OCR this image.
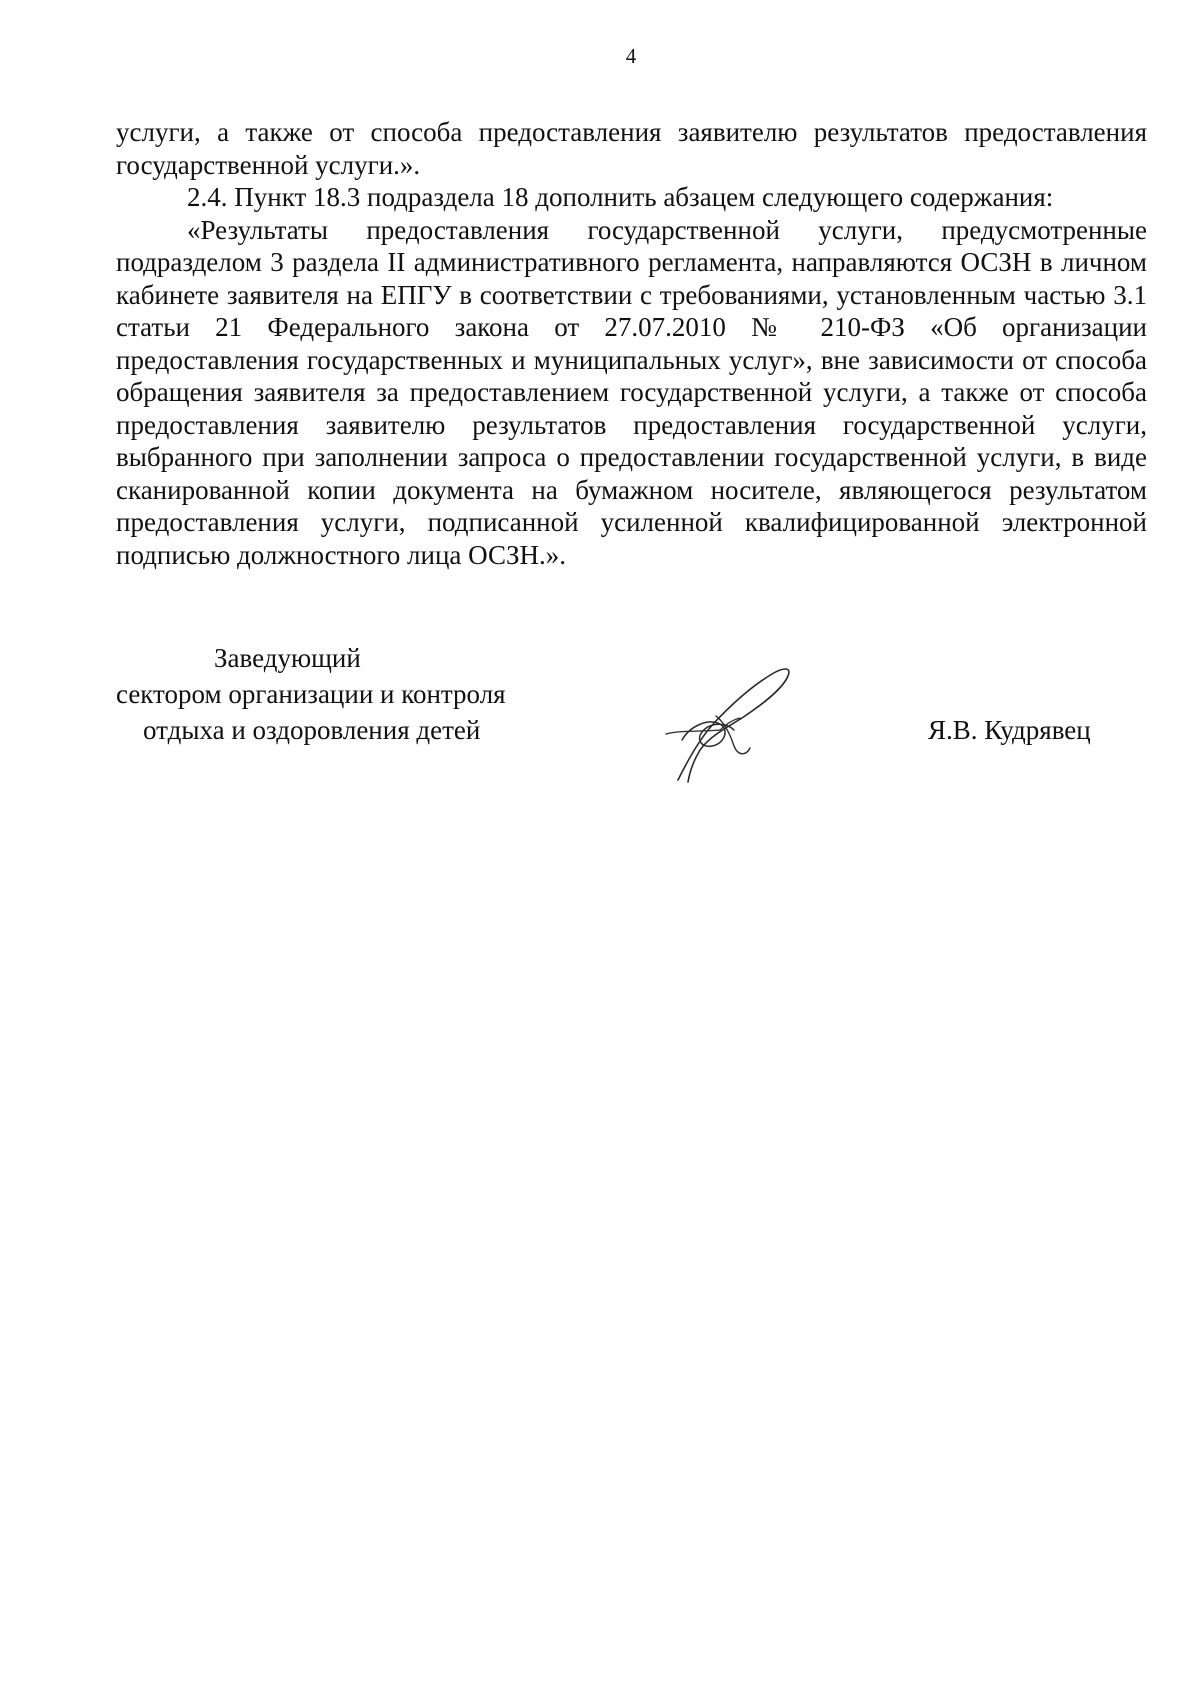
4

услуги, а также от способа предоставления заявителю результатов предоставления государственной услуги.».

2.4. Пункт 18.3 подраздела 18 дополнить абзацем следующего содержания:

«Результаты предоставления государственной услуги, предусмотренные подразделом 3 раздела II административного регламента, направляются ОСЗН в личном кабинете заявителя на ЕПГУ в соответствии с требованиями, установленным частью 3.1 статьи 21 Федерального закона от 27.07.2010 № 210-ФЗ «Об организации предоставления государственных и муниципальных услуг», вне зависимости от способа обращения заявителя за предоставлением государственной услуги, а также от способа предоставления заявителю результатов предоставления государственной услуги, выбранного при заполнении запроса о предоставлении государственной услуги, в виде сканированной копии документа на бумажном носителе, являющегося результатом предоставления услуги, подписанной усиленной квалифицированной электронной подписью должностного лица ОСЗН.».

Заведующий
сектором организации и контроля
отдыха и оздоровления детей	Я.В. Кудрявец
